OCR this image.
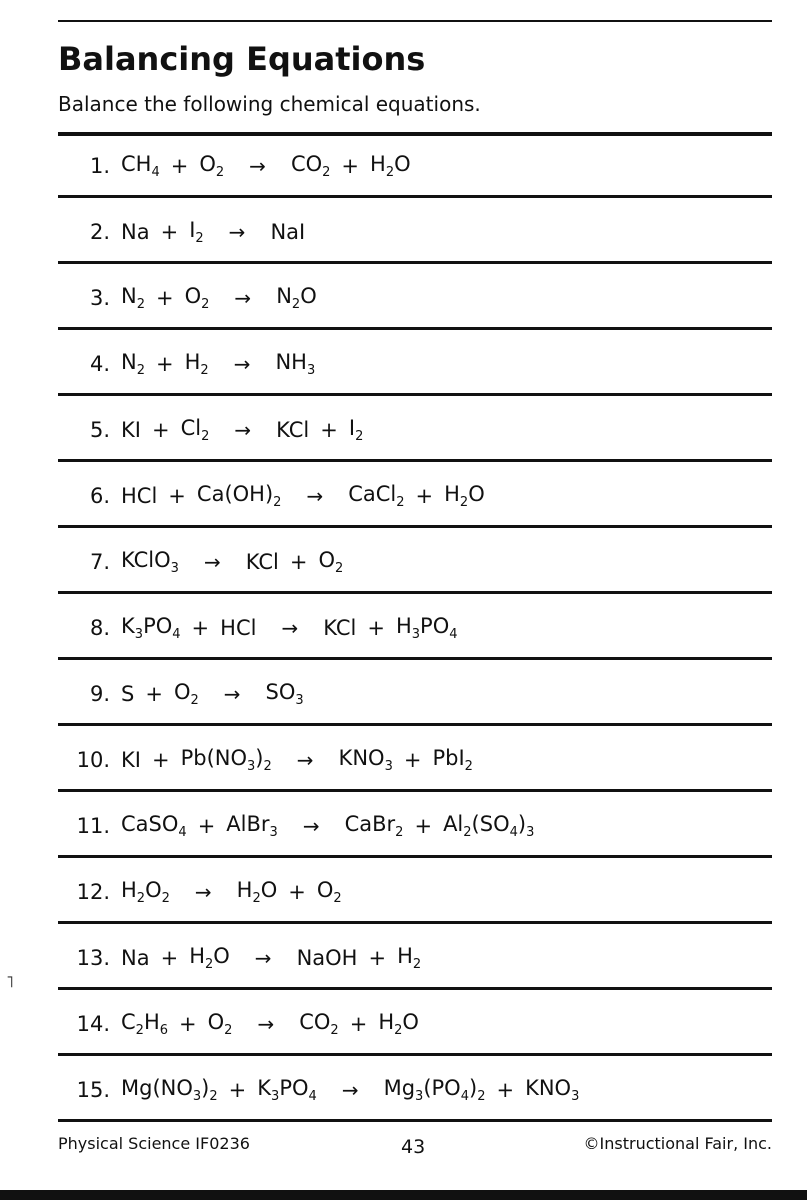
Balancing Equations
Balance the following chemical equations.
1. $CH_4 + O_2 \to CO_2 + H_2O$
2. $Na + I_2$ → NaI
3. $N_2 + O_2 \to N_2O$
4. $N_2 + H_2 \to NH_3$
5. KI + $Cl_2$ → KCl + $I_2$
6. HCl + $Ca(OH)_2$ → CaCl$_2$ + $H_2O$
7. KClO$_3$ → KCl + $O_2$
8. $K_3PO_4$ + HCl → KCl + $H_3PO_4$
9. $S + O_2 \to SO_3$
10. KI + $Pb(NO_3)_2 \to KNO_3 + PbI_2$
11. CaSO$_4$ + AlBr$_3$ → CaBr$_2$ + $Al_2(SO_4)_3$
12. $H_2O_2 \to H_2O + O_2$
13. $Na + H_2O$ → NaOH + $H_2$
14. $C_2H_6 + O_2 \to CO_2 + H_2O$
15. $Mg(NO_3)_2 + K_3PO_4 \to Mg_3(PO_4)_2 + KNO_3$
˥
Physical Science IF0236	43	©Instructional Fair, Inc.
